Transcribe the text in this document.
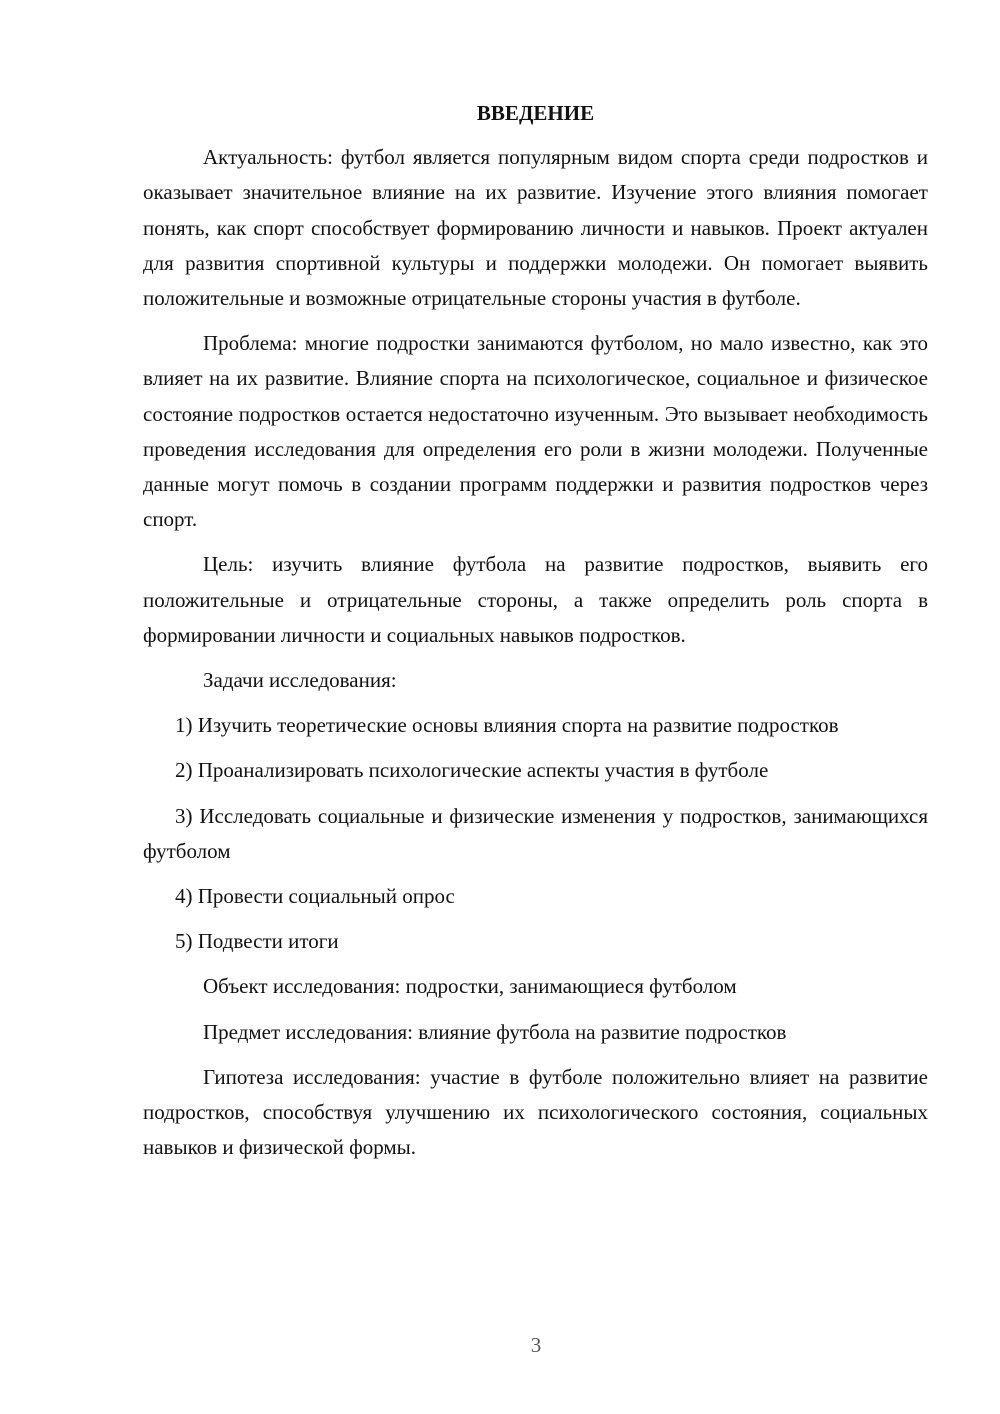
ВВЕДЕНИЕ

Актуальность: футбол является популярным видом спорта среди подростков и оказывает значительное влияние на их развитие. Изучение этого влияния помогает понять, как спорт способствует формированию личности и навыков. Проект актуален для развития спортивной культуры и поддержки молодежи. Он помогает выявить положительные и возможные отрицательные стороны участия в футболе.

Проблема: многие подростки занимаются футболом, но мало известно, как это влияет на их развитие. Влияние спорта на психологическое, социальное и физическое состояние подростков остается недостаточно изученным. Это вызывает необходимость проведения исследования для определения его роли в жизни молодежи. Полученные данные могут помочь в создании программ поддержки и развития подростков через спорт.

Цель: изучить влияние футбола на развитие подростков, выявить его положительные и отрицательные стороны, а также определить роль спорта в формировании личности и социальных навыков подростков.

Задачи исследования:

1) Изучить теоретические основы влияния спорта на развитие подростков

2) Проанализировать психологические аспекты участия в футболе

3) Исследовать социальные и физические изменения у подростков, занимающихся футболом

4) Провести социальный опрос

5) Подвести итоги

Объект исследования: подростки, занимающиеся футболом

Предмет исследования: влияние футбола на развитие подростков

Гипотеза исследования: участие в футболе положительно влияет на развитие подростков, способствуя улучшению их психологического состояния, социальных навыков и физической формы.

3
